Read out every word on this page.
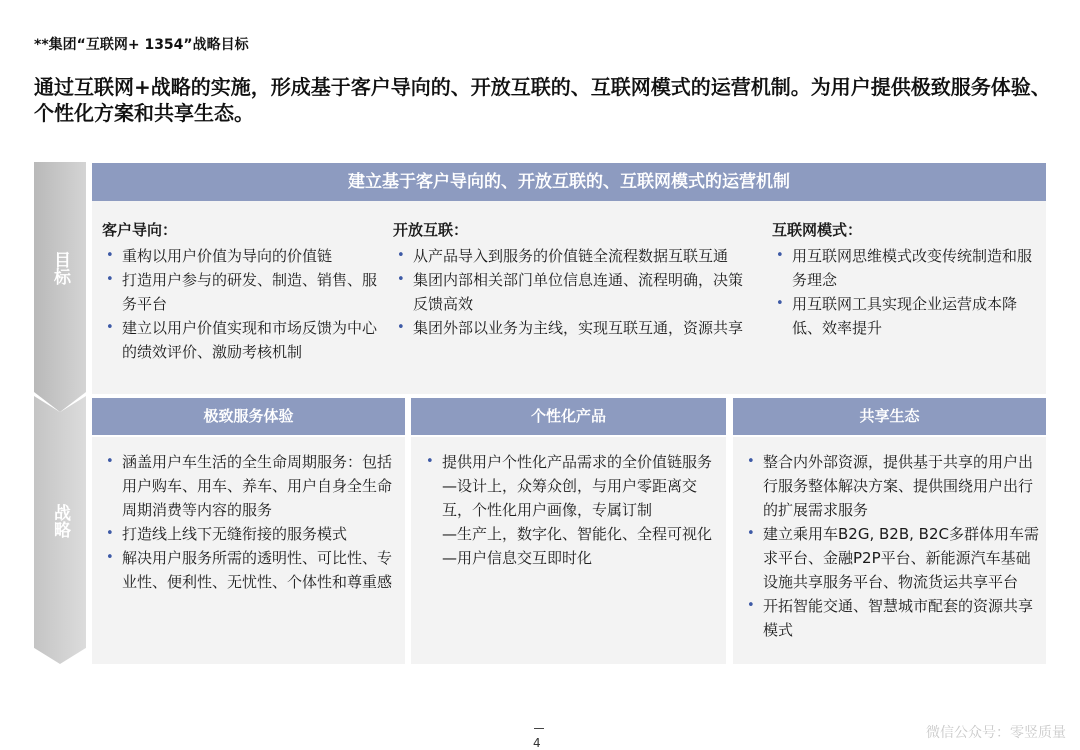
**集团“互联网+ 1354”战略目标
通过互联网+战略的实施，形成基于客户导向的、开放互联的、互联网模式的运营机制。为用户提供极致服务体验、个性化方案和共享生态。
目标
战略
建立基于客户导向的、开放互联的、互联网模式的运营机制
客户导向：
• 重构以用户价值为导向的价值链
• 打造用户参与的研发、制造、销售、服务平台
• 建立以用户价值实现和市场反馈为中心的绩效评价、激励考核机制
开放互联：
• 从产品导入到服务的价值链全流程数据互联互通
• 集团内部相关部门单位信息连通、流程明确，决策反馈高效
• 集团外部以业务为主线，实现互联互通，资源共享
互联网模式：
• 用互联网思维模式改变传统制造和服务理念
• 用互联网工具实现企业运营成本降低、效率提升
极致服务体验	个性化产品	共享生态
• 涵盖用户车生活的全生命周期服务：包括用户购车、用车、养车、用户自身全生命周期消费等内容的服务
• 打造线上线下无缝衔接的服务模式
• 解决用户服务所需的透明性、可比性、专业性、便利性、无忧性、个体性和尊重感
• 提供用户个性化产品需求的全价值链服务
—设计上，众筹众创，与用户零距离交互，个性化用户画像，专属订制
—生产上，数字化、智能化、全程可视化
—用户信息交互即时化
• 整合内外部资源，提供基于共享的用户出行服务整体解决方案、提供围绕用户出行的扩展需求服务
• 建立乘用车B2G, B2B, B2C多群体用车需求平台、金融P2P平台、新能源汽车基础设施共享服务平台、物流货运共享平台
• 开拓智能交通、智慧城市配套的资源共享模式
4
微信公众号：零竖质量
